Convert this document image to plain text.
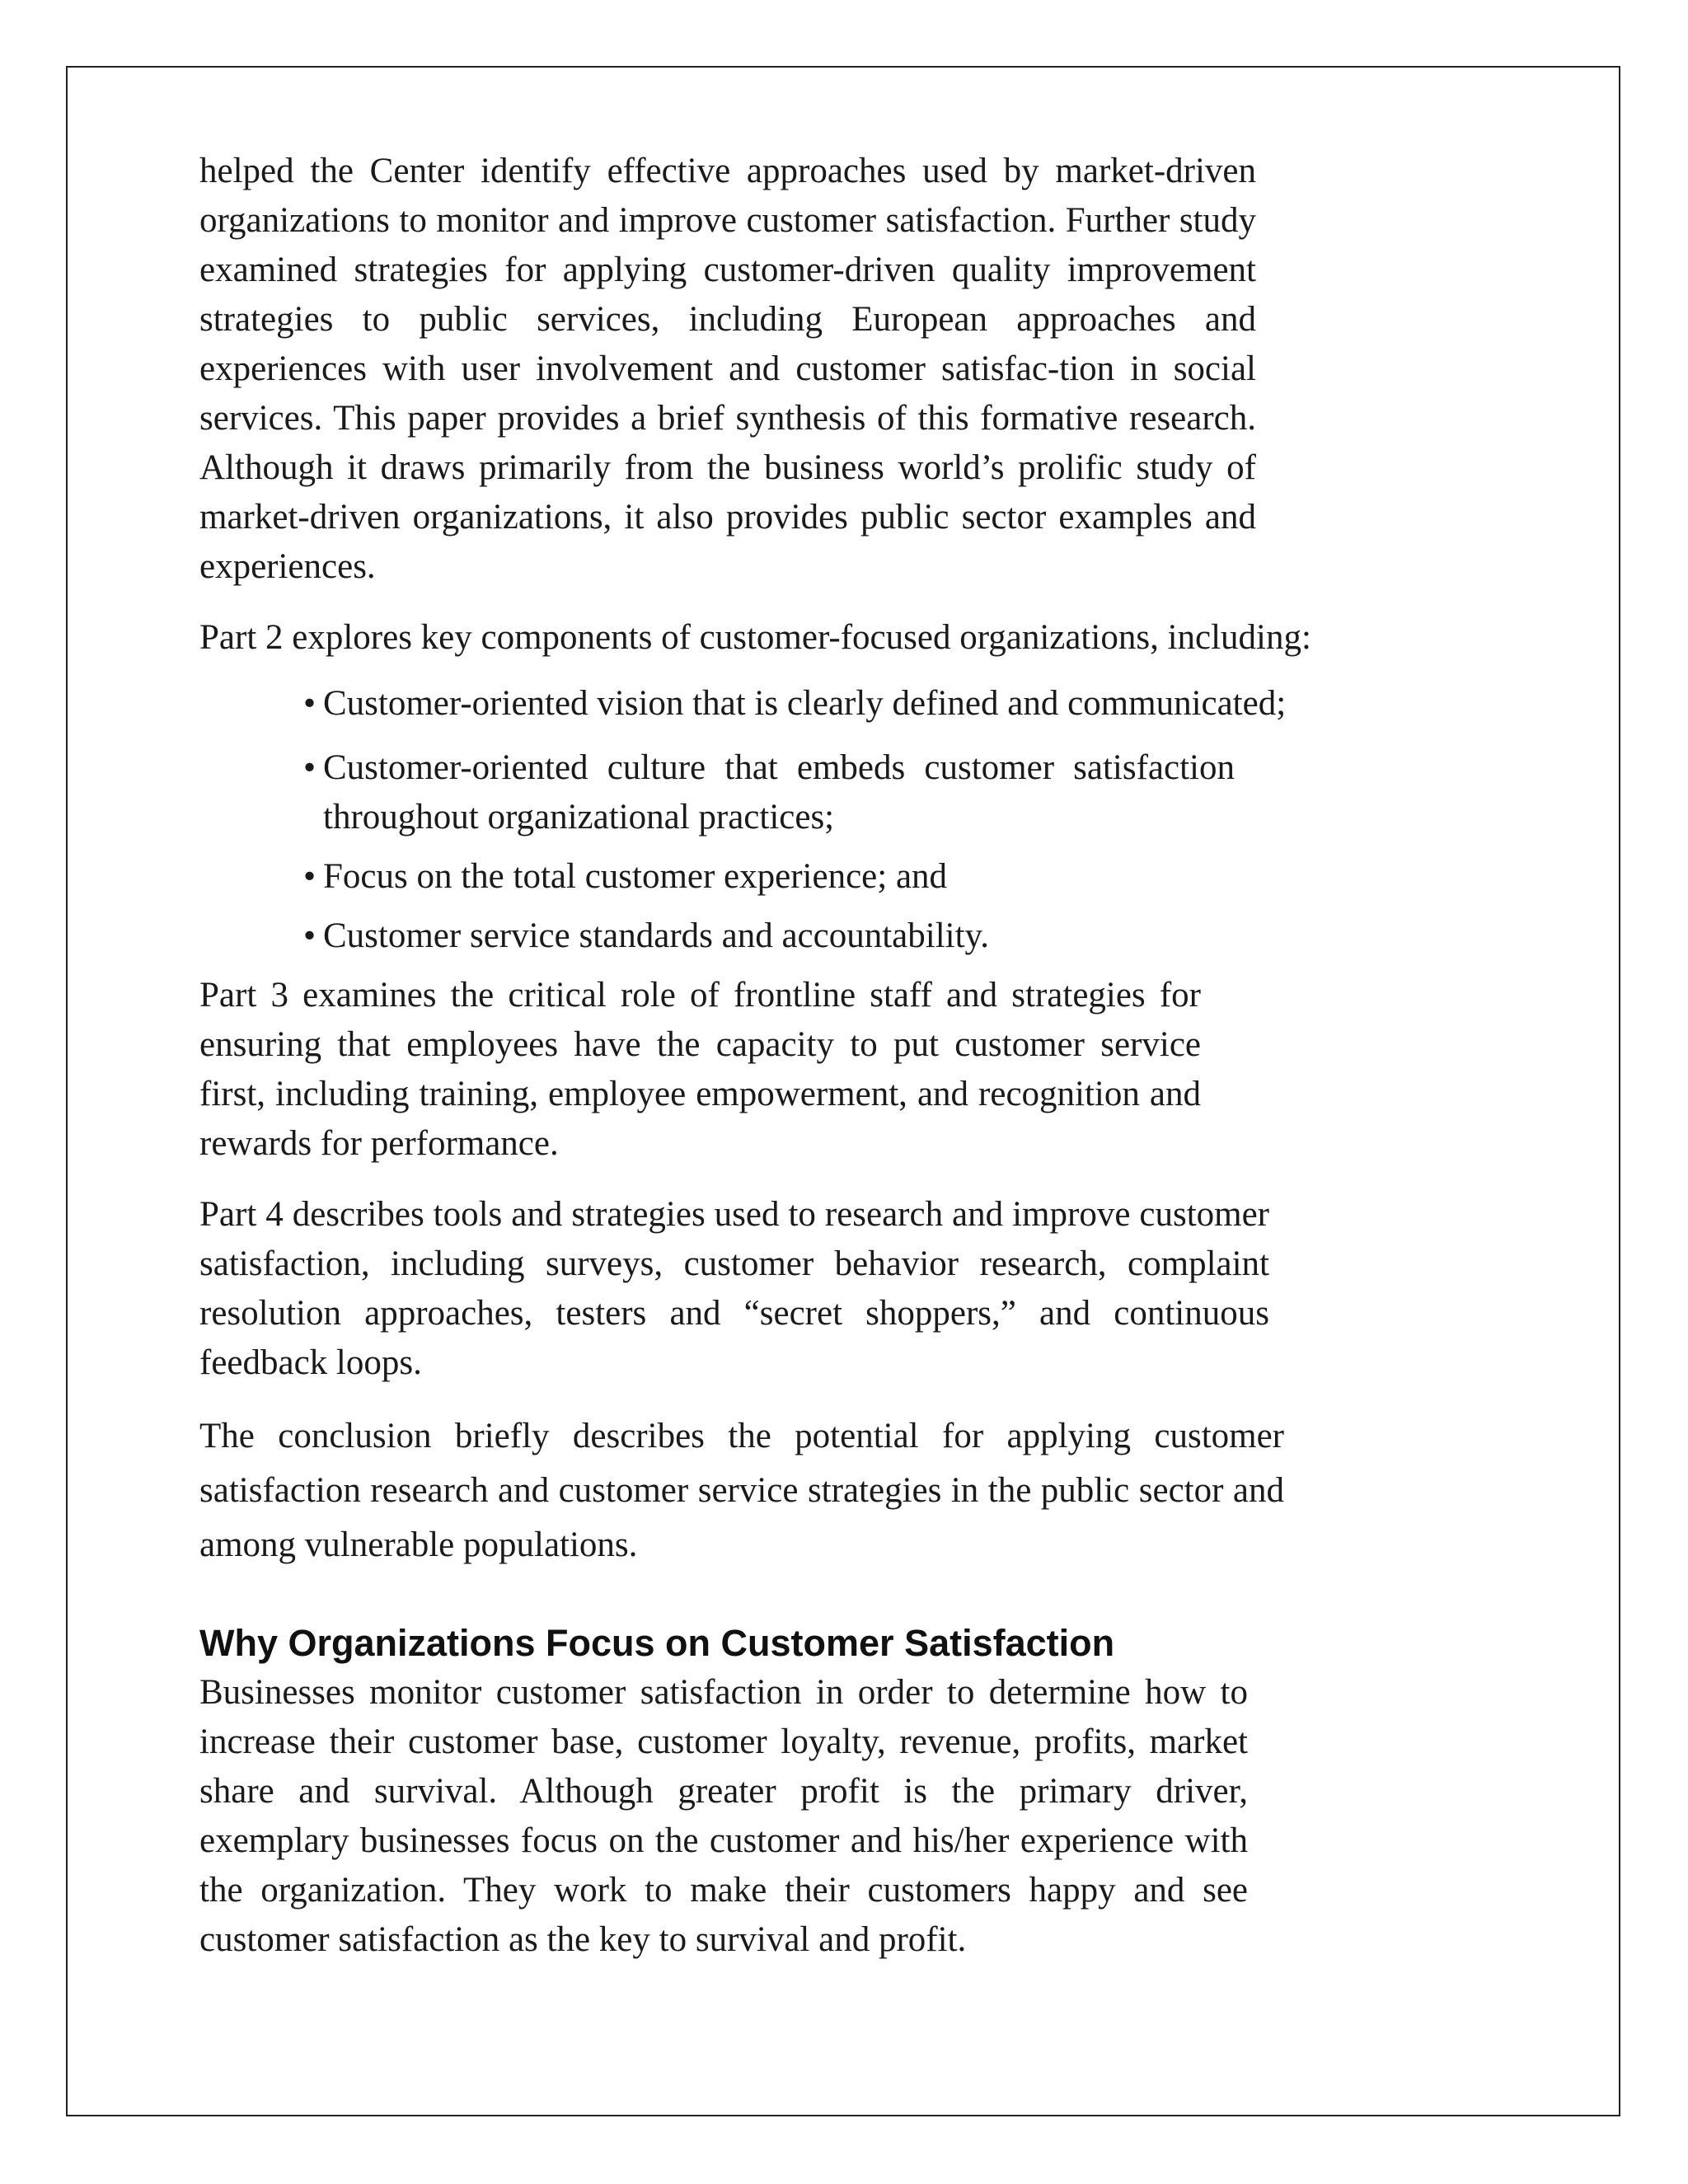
helped the Center identify effective approaches used by market-driven organizations to monitor and improve customer satisfaction. Further study examined strategies for applying customer-driven quality improvement strategies to public services, including European approaches and experiences with user involvement and customer satisfac-tion in social services. This paper provides a brief synthesis of this formative research. Although it draws primarily from the business world’s prolific study of market-driven organizations, it also provides public sector examples and experiences.

Part 2 explores key components of customer-focused organizations, including:

• Customer-oriented vision that is clearly defined and communicated;
• Customer-oriented culture that embeds customer satisfaction throughout organizational practices;
• Focus on the total customer experience; and
• Customer service standards and accountability.

Part 3 examines the critical role of frontline staff and strategies for ensuring that employees have the capacity to put customer service first, including training, employee empowerment, and recognition and rewards for performance.

Part 4 describes tools and strategies used to research and improve customer satisfaction, including surveys, customer behavior research, complaint resolution approaches, testers and “secret shoppers,” and continuous feedback loops.

The conclusion briefly describes the potential for applying customer satisfaction research and customer service strategies in the public sector and among vulnerable populations.

Why Organizations Focus on Customer Satisfaction

Businesses monitor customer satisfaction in order to determine how to increase their customer base, customer loyalty, revenue, profits, market share and survival. Although greater profit is the primary driver, exemplary businesses focus on the customer and his/her experience with the organization. They work to make their customers happy and see customer satisfaction as the key to survival and profit.
